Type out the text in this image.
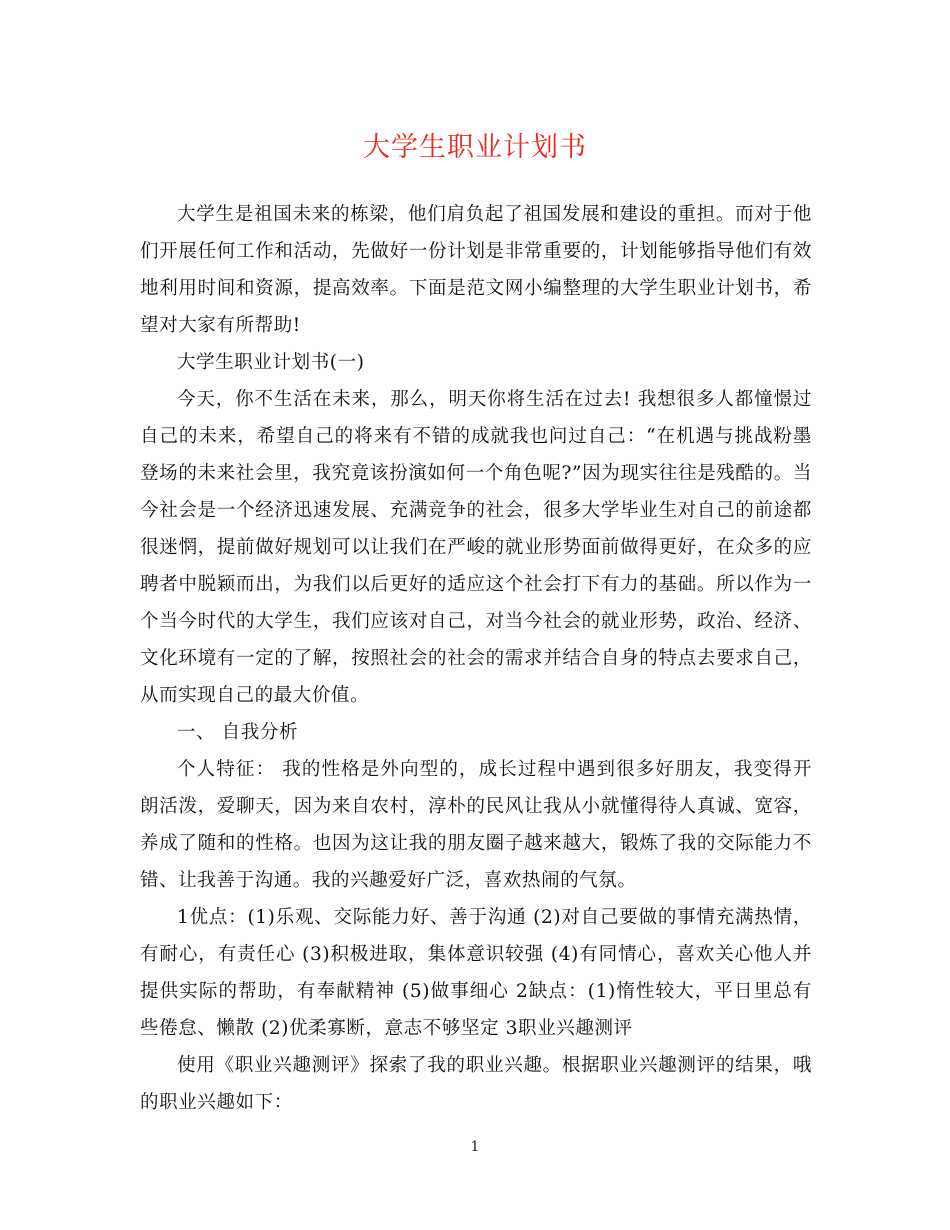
大学生职业计划书

大学生是祖国未来的栋梁，他们肩负起了祖国发展和建设的重担。而对于他们开展任何工作和活动，先做好一份计划是非常重要的，计划能够指导他们有效地利用时间和资源，提高效率。下面是范文网小编整理的大学生职业计划书，希望对大家有所帮助!

大学生职业计划书(一)

今天，你不生活在未来，那么，明天你将生活在过去! 我想很多人都憧憬过自己的未来，希望自己的将来有不错的成就我也问过自己：“在机遇与挑战粉墨登场的未来社会里，我究竟该扮演如何一个角色呢?”因为现实往往是残酷的。当今社会是一个经济迅速发展、充满竞争的社会，很多大学毕业生对自己的前途都很迷惘，提前做好规划可以让我们在严峻的就业形势面前做得更好，在众多的应聘者中脱颖而出，为我们以后更好的适应这个社会打下有力的基础。所以作为一个当今时代的大学生，我们应该对自己，对当今社会的就业形势，政治、经济、文化环境有一定的了解，按照社会的社会的需求并结合自身的特点去要求自己，从而实现自己的最大价值。

一、 自我分析

个人特征： 我的性格是外向型的，成长过程中遇到很多好朋友，我变得开朗活泼，爱聊天，因为来自农村，淳朴的民风让我从小就懂得待人真诚、宽容，养成了随和的性格。也因为这让我的朋友圈子越来越大，锻炼了我的交际能力不错、让我善于沟通。我的兴趣爱好广泛，喜欢热闹的气氛。

1优点：(1)乐观、交际能力好、善于沟通 (2)对自己要做的事情充满热情，有耐心，有责任心 (3)积极进取，集体意识较强 (4)有同情心，喜欢关心他人并提供实际的帮助，有奉献精神 (5)做事细心 2缺点：(1)惰性较大，平日里总有些倦怠、懒散 (2)优柔寡断，意志不够坚定 3职业兴趣测评

使用《职业兴趣测评》探索了我的职业兴趣。根据职业兴趣测评的结果，哦的职业兴趣如下：

1
